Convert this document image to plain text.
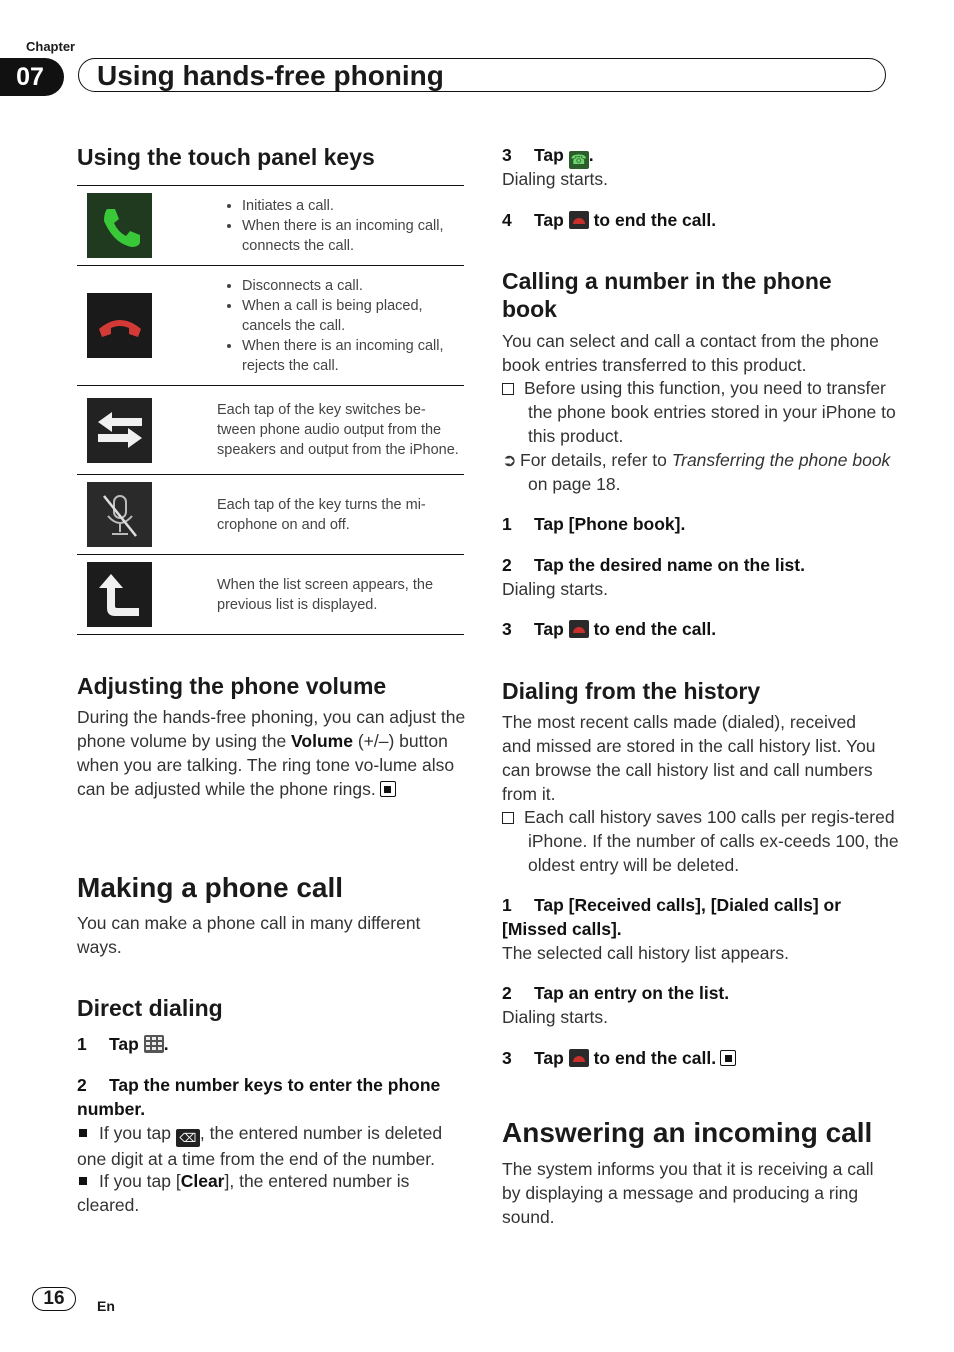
Chapter
07	Using hands-free phoning
Using the touch panel keys

• Initiates a call.
• When there is an incoming call, connects the call.

• Disconnects a call.
• When a call is being placed, cancels the call.
• When there is an incoming call, rejects the call.

	Each tap of the key switches be-tween phone audio output from the speakers and output from the iPhone.

	Each tap of the key turns the mi-crophone on and off.

	When the list screen appears, the previous list is displayed.
Adjusting the phone volume
During the hands-free phoning, you can adjust the phone volume by using the Volume (+/–) button when you are talking. The ring tone vo-lume also can be adjusted while the phone rings.
Making a phone call
You can make a phone call in many different ways.
Direct dialing
1 Tap .
2 Tap the number keys to enter the phone number.
If you tap ⌫ , the entered number is deleted one digit at a time from the end of the number.
If you tap [Clear], the entered number is cleared.
3 Tap ☎ .
Dialing starts.
4 Tap to end the call.
Calling a number in the phone book
You can select and call a contact from the phone book entries transferred to this product.
Before using this function, you need to transfer the phone book entries stored in your iPhone to this product.
➲ For details, refer to Transferring the phone book on page 18.
1 Tap [Phone book].
2 Tap the desired name on the list.
Dialing starts.
3 Tap to end the call.
Dialing from the history
The most recent calls made (dialed), received and missed are stored in the call history list. You can browse the call history list and call numbers from it.
Each call history saves 100 calls per regis-tered iPhone. If the number of calls ex-ceeds 100, the oldest entry will be deleted.
1 Tap [Received calls], [Dialed calls] or [Missed calls].
The selected call history list appears.
2 Tap an entry on the list.
Dialing starts.
3 Tap to end the call.
Answering an incoming call
The system informs you that it is receiving a call by displaying a message and producing a ring sound.
16	En
